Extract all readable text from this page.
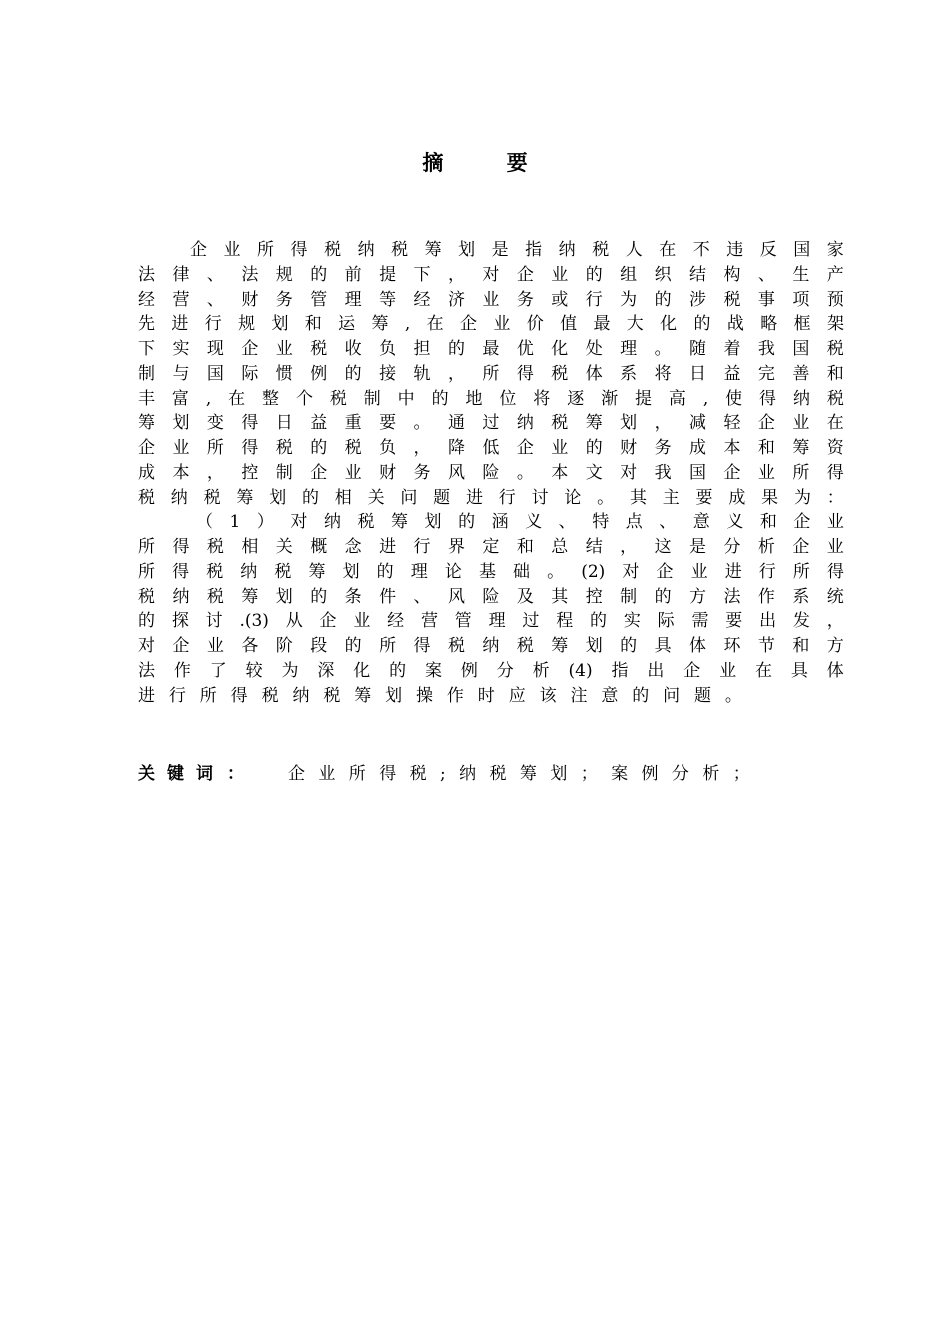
摘 要
企 业 所 得 税 纳 税 筹 划 是 指 纳 税 人 在 不 违 反 国 家
法 律 、 法 规 的 前 提 下 ， 对 企 业 的 组 织 结 构 、 生 产
经 营 、 财 务 管 理 等 经 济 业 务 或 行 为 的 涉 税 事 项 预
先 进 行 规 划 和 运 筹 , 在 企 业 价 值 最 大 化 的 战 略 框 架
下 实 现 企 业 税 收 负 担 的 最 优 化 处 理 。 随 着 我 国 税
制 与 国 际 惯 例 的 接 轨 ， 所 得 税 体 系 将 日 益 完 善 和
丰 富 , 在 整 个 税 制 中 的 地 位 将 逐 渐 提 高 , 使 得 纳 税
筹 划 变 得 日 益 重 要 。 通 过 纳 税 筹 划 ， 减 轻 企 业 在
企 业 所 得 税 的 税 负 ， 降 低 企 业 的 财 务 成 本 和 筹 资
成 本 ， 控 制 企 业 财 务 风 险 。 本 文 对 我 国 企 业 所 得
税 纳 税 筹 划 的 相 关 问 题 进 行 讨 论 。 其 主 要 成 果 为 ：
（ 1 ） 对 纳 税 筹 划 的 涵 义 、 特 点 、 意 义 和 企 业
所 得 税 相 关 概 念 进 行 界 定 和 总 结 ， 这 是 分 析 企 业
所 得 税 纳 税 筹 划 的 理 论 基 础 。 (2) 对 企 业 进 行 所 得
税 纳 税 筹 划 的 条 件 、 风 险 及 其 控 制 的 方 法 作 系 统
的 探 讨 .(3) 从 企 业 经 营 管 理 过 程 的 实 际 需 要 出 发 ，
对 企 业 各 阶 段 的 所 得 税 纳 税 筹 划 的 具 体 环 节 和 方
法 作 了 较 为 深 化 的 案 例 分 析 (4) 指 出 企 业 在 具 体
进 行 所 得 税 纳 税 筹 划 操 作 时 应 该 注 意 的 问 题 。
关键词 ：	企业所得税;纳税筹划；案例分析；
